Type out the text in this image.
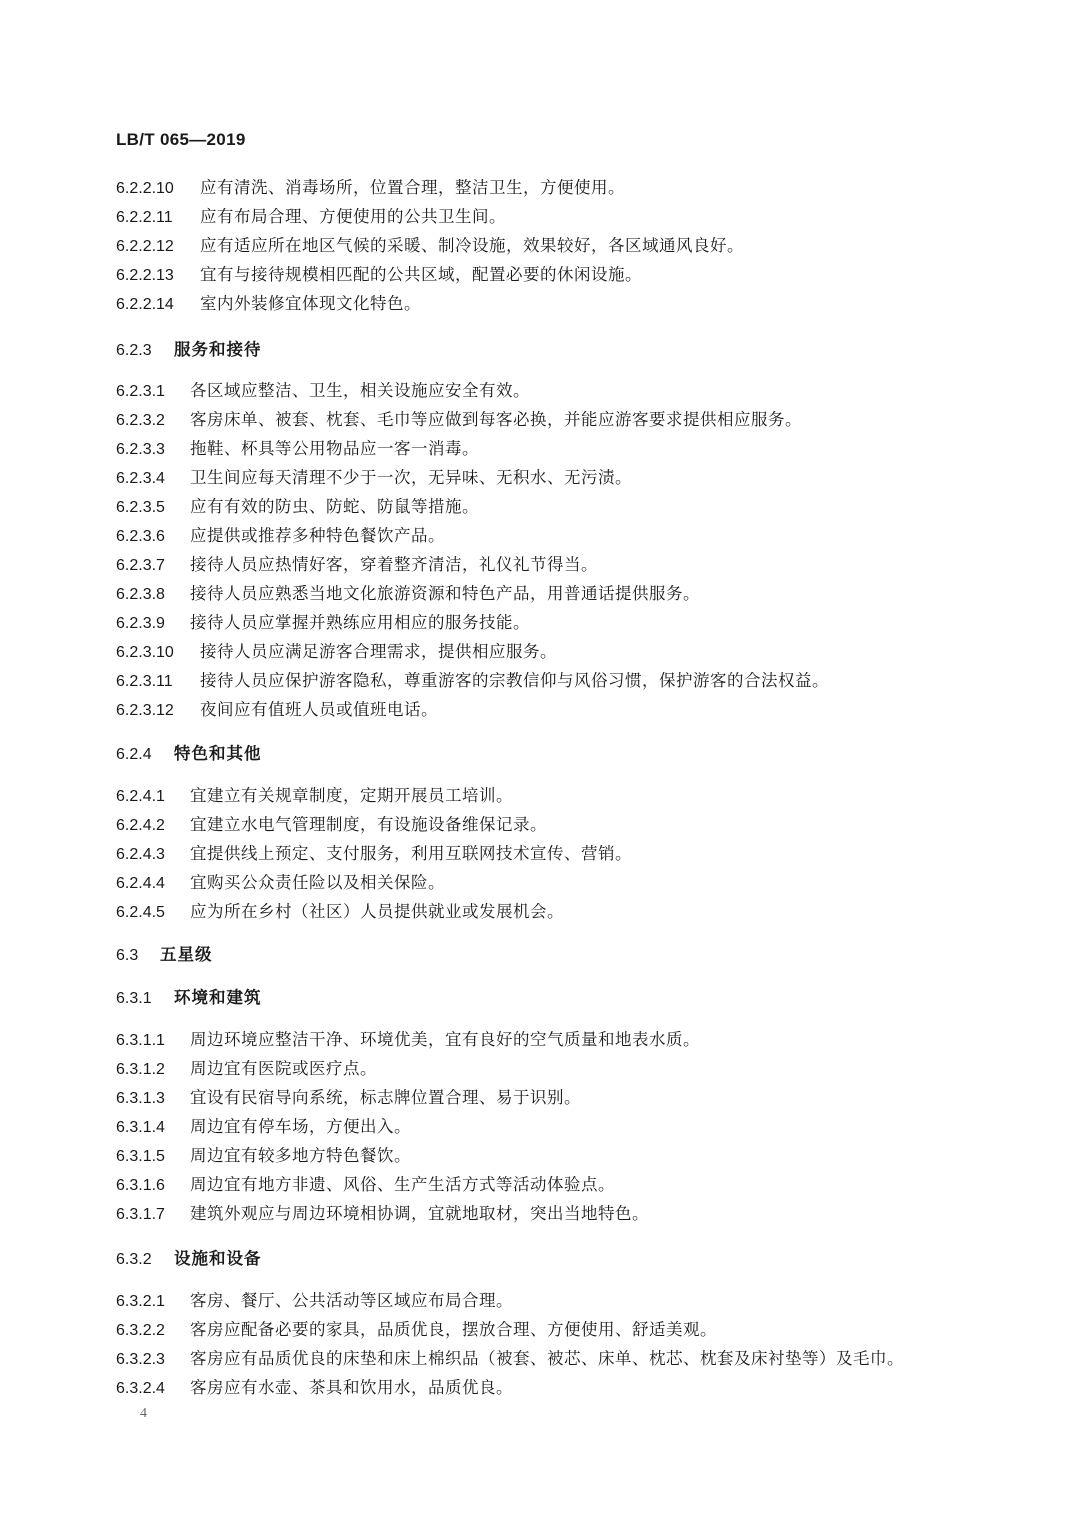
LB/T 065—2019
6.2.2.10 应有清洗、消毒场所，位置合理，整洁卫生，方便使用。
6.2.2.11 应有布局合理、方便使用的公共卫生间。
6.2.2.12 应有适应所在地区气候的采暖、制冷设施，效果较好，各区域通风良好。
6.2.2.13 宜有与接待规模相匹配的公共区域，配置必要的休闲设施。
6.2.2.14 室内外装修宜体现文化特色。
6.2.3 服务和接待
6.2.3.1 各区域应整洁、卫生，相关设施应安全有效。
6.2.3.2 客房床单、被套、枕套、毛巾等应做到每客必换，并能应游客要求提供相应服务。
6.2.3.3 拖鞋、杯具等公用物品应一客一消毒。
6.2.3.4 卫生间应每天清理不少于一次，无异味、无积水、无污渍。
6.2.3.5 应有有效的防虫、防蛇、防鼠等措施。
6.2.3.6 应提供或推荐多种特色餐饮产品。
6.2.3.7 接待人员应热情好客，穿着整齐清洁，礼仪礼节得当。
6.2.3.8 接待人员应熟悉当地文化旅游资源和特色产品，用普通话提供服务。
6.2.3.9 接待人员应掌握并熟练应用相应的服务技能。
6.2.3.10 接待人员应满足游客合理需求，提供相应服务。
6.2.3.11 接待人员应保护游客隐私，尊重游客的宗教信仰与风俗习惯，保护游客的合法权益。
6.2.3.12 夜间应有值班人员或值班电话。
6.2.4 特色和其他
6.2.4.1 宜建立有关规章制度，定期开展员工培训。
6.2.4.2 宜建立水电气管理制度，有设施设备维保记录。
6.2.4.3 宜提供线上预定、支付服务，利用互联网技术宣传、营销。
6.2.4.4 宜购买公众责任险以及相关保险。
6.2.4.5 应为所在乡村（社区）人员提供就业或发展机会。
6.3 五星级
6.3.1 环境和建筑
6.3.1.1 周边环境应整洁干净、环境优美，宜有良好的空气质量和地表水质。
6.3.1.2 周边宜有医院或医疗点。
6.3.1.3 宜设有民宿导向系统，标志牌位置合理、易于识别。
6.3.1.4 周边宜有停车场，方便出入。
6.3.1.5 周边宜有较多地方特色餐饮。
6.3.1.6 周边宜有地方非遗、风俗、生产生活方式等活动体验点。
6.3.1.7 建筑外观应与周边环境相协调，宜就地取材，突出当地特色。
6.3.2 设施和设备
6.3.2.1 客房、餐厅、公共活动等区域应布局合理。
6.3.2.2 客房应配备必要的家具，品质优良，摆放合理、方便使用、舒适美观。
6.3.2.3 客房应有品质优良的床垫和床上棉织品（被套、被芯、床单、枕芯、枕套及床衬垫等）及毛巾。
6.3.2.4 客房应有水壶、茶具和饮用水，品质优良。
4
